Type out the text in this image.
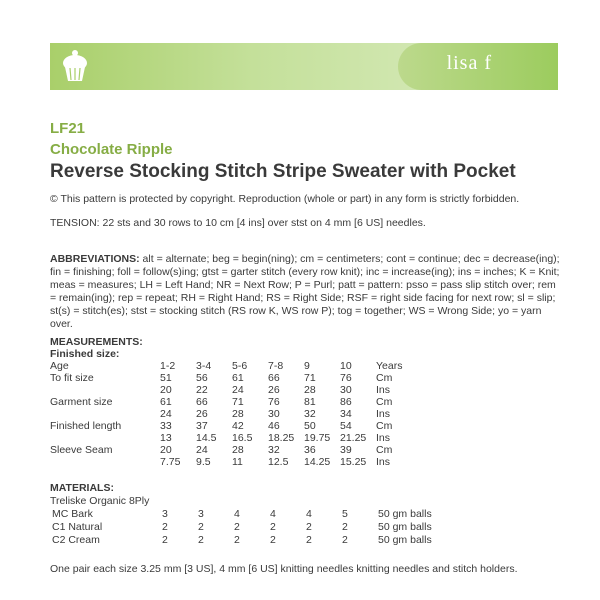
lisa f
LF21
Chocolate Ripple
Reverse Stocking Stitch Stripe Sweater with Pocket
© This pattern is protected by copyright. Reproduction (whole or part) in any form is strictly forbidden.
TENSION: 22 sts and 30 rows to 10 cm [4 ins] over stst on 4 mm [6 US] needles.
ABBREVIATIONS: alt = alternate; beg = begin(ning); cm = centimeters; cont = continue; dec = decrease(ing); fin = finishing; foll = follow(s)ing; gtst = garter stitch (every row knit); inc = increase(ing); ins = inches; K = Knit; meas = measures; LH = Left Hand; NR = Next Row; P = Purl; patt = pattern: psso = pass slip stitch over; rem = remain(ing); rep = repeat; RH = Right Hand; RS = Right Side; RSF = right side facing for next row; sl = slip; st(s) = stitch(es); stst = stocking stitch (RS row K, WS row P); tog = together; WS = Wrong Side; yo = yarn over.
MEASUREMENTS:
Finished size:
Age	1-2	3-4	5-6	7-8	9	10	Years
To fit size	51	56	61	66	71	76	Cm
	20	22	24	26	28	30	Ins
Garment size	61	66	71	76	81	86	Cm
	24	26	28	30	32	34	Ins
Finished length	33	37	42	46	50	54	Cm
	13	14.5	16.5	18.25	19.75	21.25	Ins
Sleeve Seam	20	24	28	32	36	39	Cm
	7.75	9.5	11	12.5	14.25	15.25	Ins
MATERIALS:
Treliske Organic 8Ply
MC Bark	3	3	4	4	4	5	50 gm balls
C1 Natural	2	2	2	2	2	2	50 gm balls
C2 Cream	2	2	2	2	2	2	50 gm balls
One pair each size 3.25 mm [3 US], 4 mm [6 US] knitting needles knitting needles and stitch holders.
